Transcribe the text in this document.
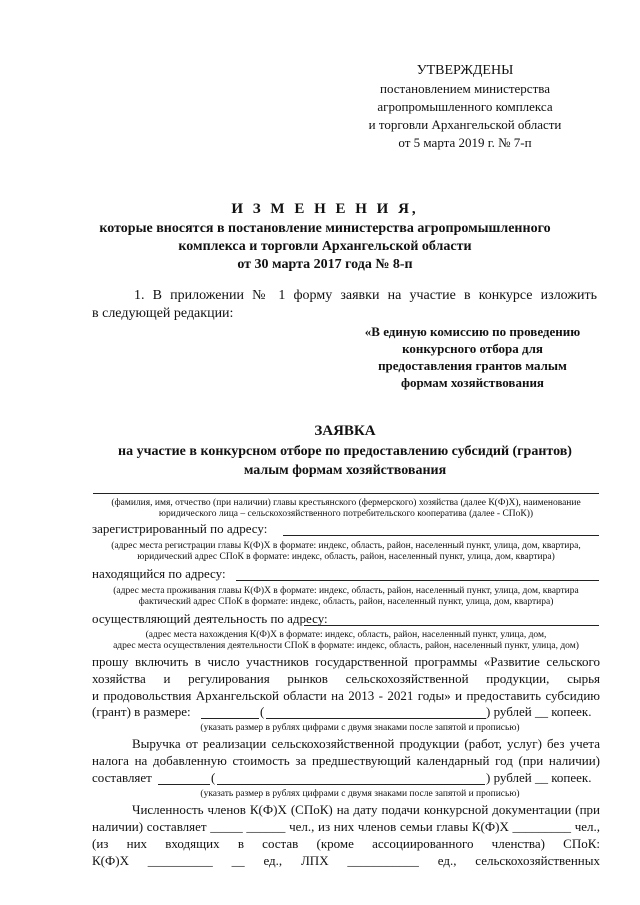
УТВЕРЖДЕНЫ
постановлением министерства
агропромышленного комплекса
и торговли Архангельской области
от 5 марта 2019 г. № 7-п
И З М Е Н Е Н И Я,
которые вносятся в постановление министерства агропромышленного
комплекса и торговли Архангельской области
от 30 марта 2017 года № 8-п
1. В приложении № 1 форму заявки на участие в конкурсе изложить
в следующей редакции:
«В единую комиссию по проведению
конкурсного отбора для
предоставления грантов малым
формам хозяйствования
ЗАЯВКА
на участие в конкурсном отборе по предоставлению субсидий (грантов)
малым формам хозяйствования
(фамилия, имя, отчество (при наличии) главы крестьянского (фермерского) хозяйства (далее К(Ф)Х), наименование
юридического лица – сельскохозяйственного потребительского кооператива (далее - СПоК))
зарегистрированный по адресу:
(адрес места регистрации главы К(Ф)Х в формате: индекс, область, район, населенный пункт, улица, дом, квартира,
юридический адрес СПоК в формате: индекс, область, район, населенный пункт, улица, дом, квартира)
находящийся по адресу:
(адрес места проживания главы К(Ф)Х в формате: индекс, область, район, населенный пункт, улица, дом, квартира
фактический адрес СПоК в формате: индекс, область, район, населенный пункт, улица, дом, квартира)
осуществляющий деятельность по адресу:
(адрес места нахождения К(Ф)Х в формате: индекс, область, район, населенный пункт, улица, дом,
адрес места осуществления деятельности СПоК в формате: индекс, область, район, населенный пункт, улица, дом)
прошу включить в число участников государственной программы «Развитие сельского
хозяйства и регулирования рынков сельскохозяйственной продукции, сырья
и продовольствия Архангельской области на 2013 - 2021 годы» и предоставить субсидию
(грант) в размере:	(	) рублей __ копеек.
(указать размер в рублях цифрами с двумя знаками после запятой и прописью)
Выручка от реализации сельскохозяйственной продукции (работ, услуг) без учета
налога на добавленную стоимость за предшествующий календарный год (при наличии)
составляет	(	) рублей __ копеек.
(указать размер в рублях цифрами с двумя знаками после запятой и прописью)
Численность членов К(Ф)Х (СПоК) на дату подачи конкурсной документации (при
наличии) составляет _____ ______ чел., из них членов семьи главы К(Ф)Х _________ чел.,
(из них входящих в состав (кроме ассоциированного членства) СПоК:
К(Ф)Х __________ __ ед., ЛПХ ___________ ед., сельскохозяйственных
